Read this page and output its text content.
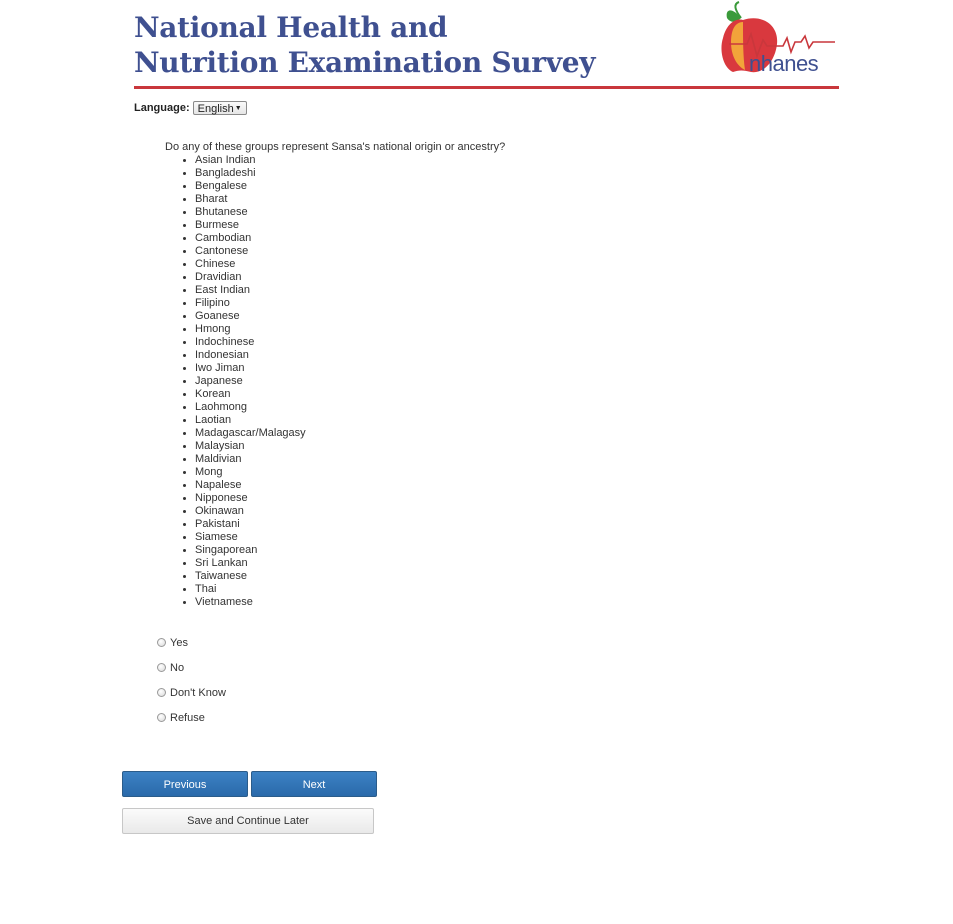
National Health and
Nutrition Examination Survey	nhanes
Language: English ▼
Do any of these groups represent Sansa's national origin or ancestry?
Asian Indian
Bangladeshi
Bengalese
Bharat
Bhutanese
Burmese
Cambodian
Cantonese
Chinese
Dravidian
East Indian
Filipino
Goanese
Hmong
Indochinese
Indonesian
Iwo Jiman
Japanese
Korean
Laohmong
Laotian
Madagascar/Malagasy
Malaysian
Maldivian
Mong
Napalese
Nipponese
Okinawan
Pakistani
Siamese
Singaporean
Sri Lankan
Taiwanese
Thai
Vietnamese
Yes
No
Don't Know
Refuse
Previous	Next
Save and Continue Later
